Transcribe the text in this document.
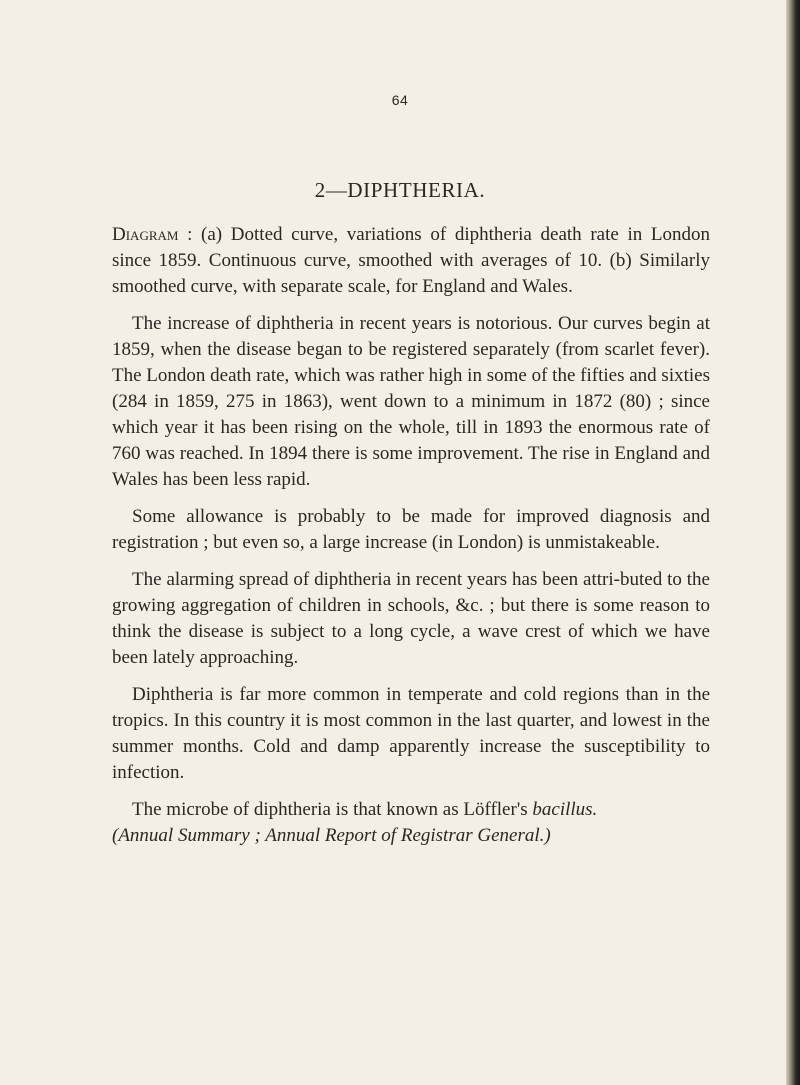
64
2—DIPHTHERIA.

Diagram : (a) Dotted curve, variations of diphtheria death rate in London since 1859. Continuous curve, smoothed with averages of 10. (b) Similarly smoothed curve, with separate scale, for England and Wales.

The increase of diphtheria in recent years is notorious. Our curves begin at 1859, when the disease began to be registered separately (from scarlet fever). The London death rate, which was rather high in some of the fifties and sixties (284 in 1859, 275 in 1863), went down to a minimum in 1872 (80) ; since which year it has been rising on the whole, till in 1893 the enormous rate of 760 was reached. In 1894 there is some improvement. The rise in England and Wales has been less rapid.

Some allowance is probably to be made for improved diagnosis and registration ; but even so, a large increase (in London) is unmistakeable.

The alarming spread of diphtheria in recent years has been attri-buted to the growing aggregation of children in schools, &c. ; but there is some reason to think the disease is subject to a long cycle, a wave crest of which we have been lately approaching.

Diphtheria is far more common in temperate and cold regions than in the tropics. In this country it is most common in the last quarter, and lowest in the summer months. Cold and damp apparently increase the susceptibility to infection.

The microbe of diphtheria is that known as Löffler's bacillus.
(Annual Summary ; Annual Report of Registrar General.)
